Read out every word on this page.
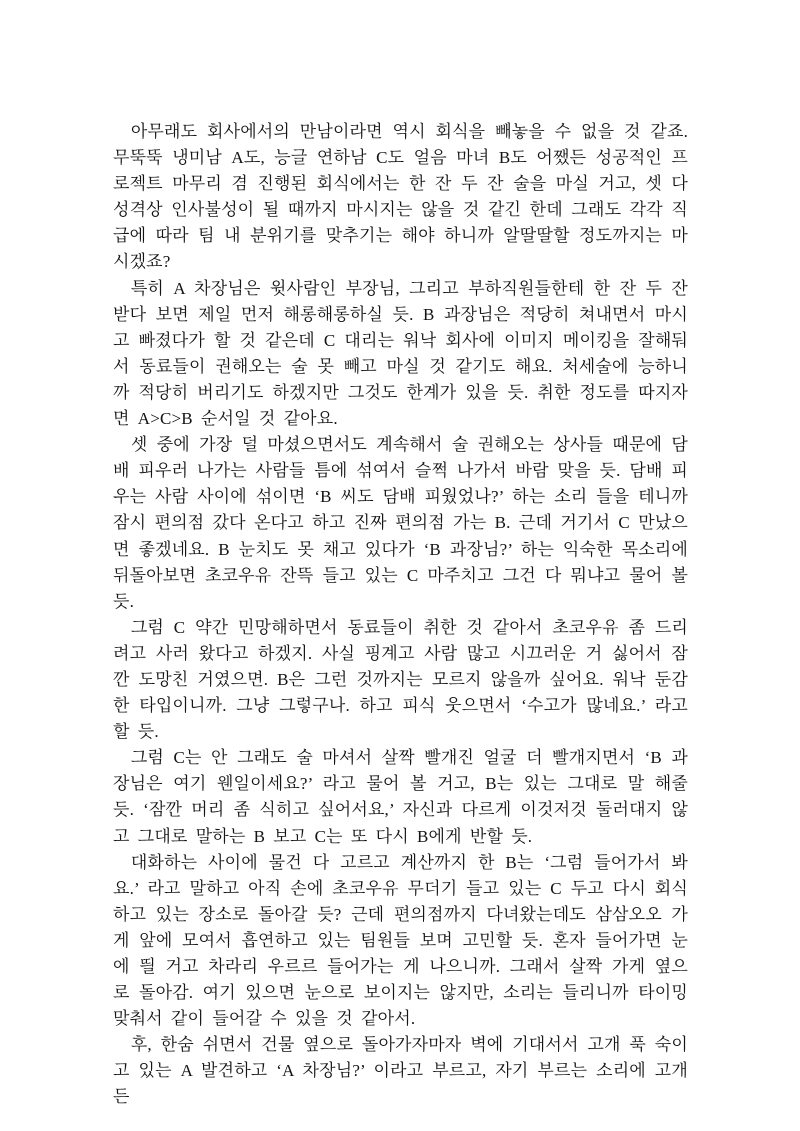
아무래도 회사에서의 만남이라면 역시 회식을 빼놓을 수 없을 것 같죠. 무뚝뚝 냉미남 A도, 능글 연하남 C도 얼음 마녀 B도 어쨌든 성공적인 프로젝트 마무리 겸 진행된 회식에서는 한 잔 두 잔 술을 마실 거고, 셋 다 성격상 인사불성이 될 때까지 마시지는 않을 것 같긴 한데 그래도 각각 직급에 따라 팀 내 분위기를 맞추기는 해야 하니까 알딸딸할 정도까지는 마시겠죠?

특히 A 차장님은 윗사람인 부장님, 그리고 부하직원들한테 한 잔 두 잔 받다 보면 제일 먼저 해롱해롱하실 듯. B 과장님은 적당히 쳐내면서 마시고 빠졌다가 할 것 같은데 C 대리는 워낙 회사에 이미지 메이킹을 잘해둬서 동료들이 권해오는 술 못 빼고 마실 것 같기도 해요. 처세술에 능하니까 적당히 버리기도 하겠지만 그것도 한계가 있을 듯. 취한 정도를 따지자면 A>C>B 순서일 것 같아요.

셋 중에 가장 덜 마셨으면서도 계속해서 술 권해오는 상사들 때문에 담배 피우러 나가는 사람들 틈에 섞여서 슬쩍 나가서 바람 맞을 듯. 담배 피우는 사람 사이에 섞이면 ‘B 씨도 담배 피웠었나?’ 하는 소리 들을 테니까 잠시 편의점 갔다 온다고 하고 진짜 편의점 가는 B. 근데 거기서 C 만났으면 좋겠네요. B 눈치도 못 채고 있다가 ‘B 과장님?’ 하는 익숙한 목소리에 뒤돌아보면 초코우유 잔뜩 들고 있는 C 마주치고 그건 다 뭐냐고 물어 볼 듯.

그럼 C 약간 민망해하면서 동료들이 취한 것 같아서 초코우유 좀 드리려고 사러 왔다고 하겠지. 사실 핑계고 사람 많고 시끄러운 거 싫어서 잠깐 도망친 거였으면. B은 그런 것까지는 모르지 않을까 싶어요. 워낙 둔감한 타입이니까. 그냥 그렇구나. 하고 피식 웃으면서 ‘수고가 많네요.’ 라고 할 듯.

그럼 C는 안 그래도 술 마셔서 살짝 빨개진 얼굴 더 빨개지면서 ‘B 과장님은 여기 웬일이세요?’ 라고 물어 볼 거고, B는 있는 그대로 말 해줄 듯. ‘잠깐 머리 좀 식히고 싶어서요,’ 자신과 다르게 이것저것 둘러대지 않고 그대로 말하는 B 보고 C는 또 다시 B에게 반할 듯.

대화하는 사이에 물건 다 고르고 계산까지 한 B는 ‘그럼 들어가서 봐요.’ 라고 말하고 아직 손에 초코우유 무더기 들고 있는 C 두고 다시 회식하고 있는 장소로 돌아갈 듯? 근데 편의점까지 다녀왔는데도 삼삼오오 가게 앞에 모여서 흡연하고 있는 팀원들 보며 고민할 듯. 혼자 들어가면 눈에 띌 거고 차라리 우르르 들어가는 게 나으니까. 그래서 살짝 가게 옆으로 돌아감. 여기 있으면 눈으로 보이지는 않지만, 소리는 들리니까 타이밍 맞춰서 같이 들어갈 수 있을 것 같아서.

후, 한숨 쉬면서 건물 옆으로 돌아가자마자 벽에 기대서서 고개 푹 숙이고 있는 A 발견하고 ‘A 차장님?’ 이라고 부르고, 자기 부르는 소리에 고개 든
